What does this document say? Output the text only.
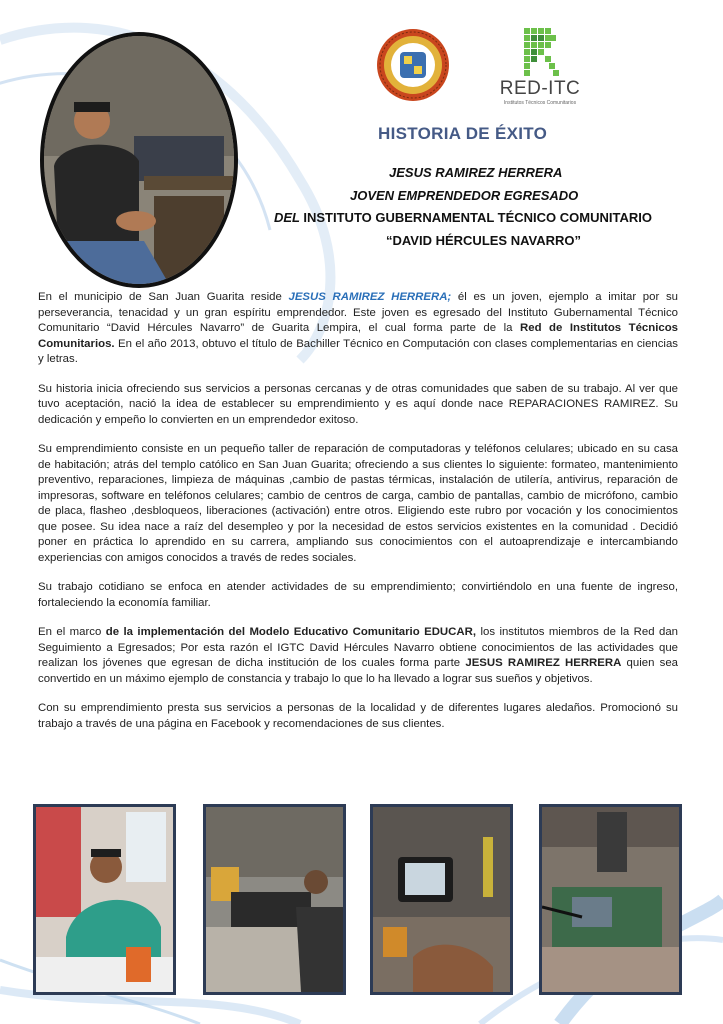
RED-ITC
Institutos Técnicos Comunitarios
HISTORIA DE ÉXITO
JESUS RAMIREZ HERRERA
JOVEN EMPRENDEDOR EGRESADO
DEL INSTITUTO GUBERNAMENTAL TÉCNICO COMUNITARIO
“DAVID HÉRCULES NAVARRO”

En el municipio de San Juan Guarita reside JESUS RAMIREZ HERRERA; él es un joven, ejemplo a imitar por su perseverancia, tenacidad y un gran espíritu emprendedor. Este joven es egresado del Instituto Gubernamental Técnico Comunitario “David Hércules Navarro” de Guarita Lempira, el cual forma parte de la Red de Institutos Técnicos Comunitarios. En el año 2013, obtuvo el título de Bachiller Técnico en Computación con clases complementarias en ciencias y letras.

Su historia inicia ofreciendo sus servicios a personas cercanas y de otras comunidades que saben de su trabajo. Al ver que tuvo aceptación, nació la idea de establecer su emprendimiento y es aquí donde nace REPARACIONES RAMIREZ. Su dedicación y empeño lo convierten en un emprendedor exitoso.

Su emprendimiento consiste en un pequeño taller de reparación de computadoras y teléfonos celulares; ubicado en su casa de habitación; atrás del templo católico en San Juan Guarita; ofreciendo a sus clientes lo siguiente: formateo, mantenimiento preventivo, reparaciones, limpieza de máquinas ,cambio de pastas térmicas, instalación de utilería, antivirus, reparación de impresoras, software en teléfonos celulares; cambio de centros de carga, cambio de pantallas, cambio de micrófono, cambio de placa, flasheo ,desbloqueos, liberaciones (activación) entre otros. Eligiendo este rubro por vocación y los conocimientos que posee. Su idea nace a raíz del desempleo y por la necesidad de estos servicios existentes en la comunidad . Decidió poner en práctica lo aprendido en su carrera, ampliando sus conocimientos con el autoaprendizaje e intercambiando experiencias con amigos conocidos a través de redes sociales.

Su trabajo cotidiano se enfoca en atender actividades de su emprendimiento; convirtiéndolo en una fuente de ingreso, fortaleciendo la economía familiar.

En el marco de la implementación del Modelo Educativo Comunitario EDUCAR, los institutos miembros de la Red dan Seguimiento a Egresados; Por esta razón el IGTC David Hércules Navarro obtiene conocimientos de las actividades que realizan los jóvenes que egresan de dicha institución de los cuales forma parte JESUS RAMIREZ HERRERA quien sea convertido en un máximo ejemplo de constancia y trabajo lo que lo ha llevado a lograr sus sueños y objetivos.

Con su emprendimiento presta sus servicios a personas de la localidad y de diferentes lugares aledaños. Promocionó su trabajo a través de una página en Facebook y recomendaciones de sus clientes.
